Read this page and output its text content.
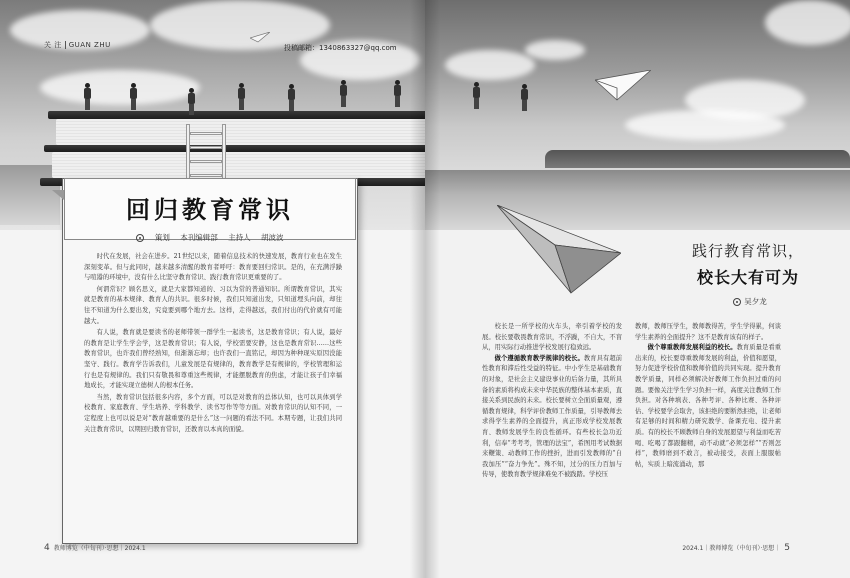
关 注 GUAN ZHU	投稿邮箱：1340863327@qq.com
回归教育常识
策划 本刊编辑部 主持人 胡波波

时代在发展，社会在进步。21世纪以来，随着信息技术的快速发展，教育行业也在发生深刻变革。但与此同时，越来越多清醒的教育者呼吁：教育要回归常识。是的，在充满浮躁与喧嚣的环境中，没有什么比坚守教育常识、践行教育常识更重要的了。

何谓常识？顾名思义，就是大家都知道的、习以为常的普通知识。所谓教育常识，其实就是教育的基本规律、教育人的共识。很多时候，我们只知道出发，只知道埋头向前，却往往不知道为什么要出发，究竟要到哪个地方去。这样，走得越远，我们付出的代价就有可能越大。

有人说，教育就是要读书的老师带领一群学生一起读书，这是教育常识；有人说，最好的教育是让学生学会学，这是教育常识；有人说，学校需要安静，这也是教育常识……这些教育常识，也许我们曾经熟知，但渐渐忘却；也许我们一直铭记，却因为种种现实原因没能坚守、践行。教育学告诉我们，儿童发展是有规律的，教育教学是有规律的，学校管理和运行也是有规律的。我们只有敬畏和尊重这些规律，才能摆脱教育的焦虑，才能让孩子们幸福地成长，才能实现立德树人的根本任务。

当然，教育常识包括很多内容，多个方面，可以是对教育的总体认知，也可以具体到学校教育、家庭教育、学生培养、学科教学、读书写作等等方面。对教育常识的认知不同，一定程度上也可以说是对“教育越重要的是什么”这一问题的看法不同。本期专题，让我们共同关注教育常识，以期回归教育常识，还教育以本真的面貌。

4 教师博览（中旬刊）·思想｜2024.1
践行教育常识，
校长大有可为
吴夕龙

校长是一所学校的火车头，牵引着学校的发展。校长要敬畏教育常识，不浮躁，不自大，不盲从，用实际行动推进学校发展行稳致远。

做个遵循教育教学规律的校长。教育具有超前性教育和滞后性受益的特征。中小学生是基础教育的对象，是社会主义建设事业的后备力量，其所具备的素质将构成未来中华民族的整体基本素质，直接关系到民族的未来。校长要树立全面质量观，遵循教育规律，科学评价教师工作质量，引导教师去求得学生素养的全面提升，真正形成学校发展教育、教师发展学生的良性循环。有些校长急功近利，信奉“考考考，管理的法宝”，希图用考试数据来鞭策、动教师工作的挫折，进而引发教师的“自我加压”“奋力争先”。殊不知，过分的压力百加与传导，使教育教学规律难免不被践踏。学校压

教师，教师压学生，教师教得苦，学生学得累，何谈学生素养的全面提升？这不是教育该有的样子。

做个尊重教师发展利益的校长。教育质量是看重出来的，校长要尊重教师发展的利益，价值和愿望，努力促进学校价值和教师价值的共同实现。提升教育教学质量，同样必须解决好教师工作负担过重的问题。要像关注学生学习负担一样，高度关注教师工作负担。对各种填表、各种考评、各种比赛、各种评估、学校要学会取舍，该拒绝的要断然拒绝，让老师有足够的时间和精力研究教学、备课充电、提升素质。有的校长不顾教师自身的发展愿望与利益而吃苦喝、吃喝了都跟翻精，动不动就“必须怎样”“否则怎样”，教师磨到不敢言，被动接受，表面上服服帖帖，实质上暗流涌动，那

2024.1｜教师博览（中旬刊）·思想｜ 5
